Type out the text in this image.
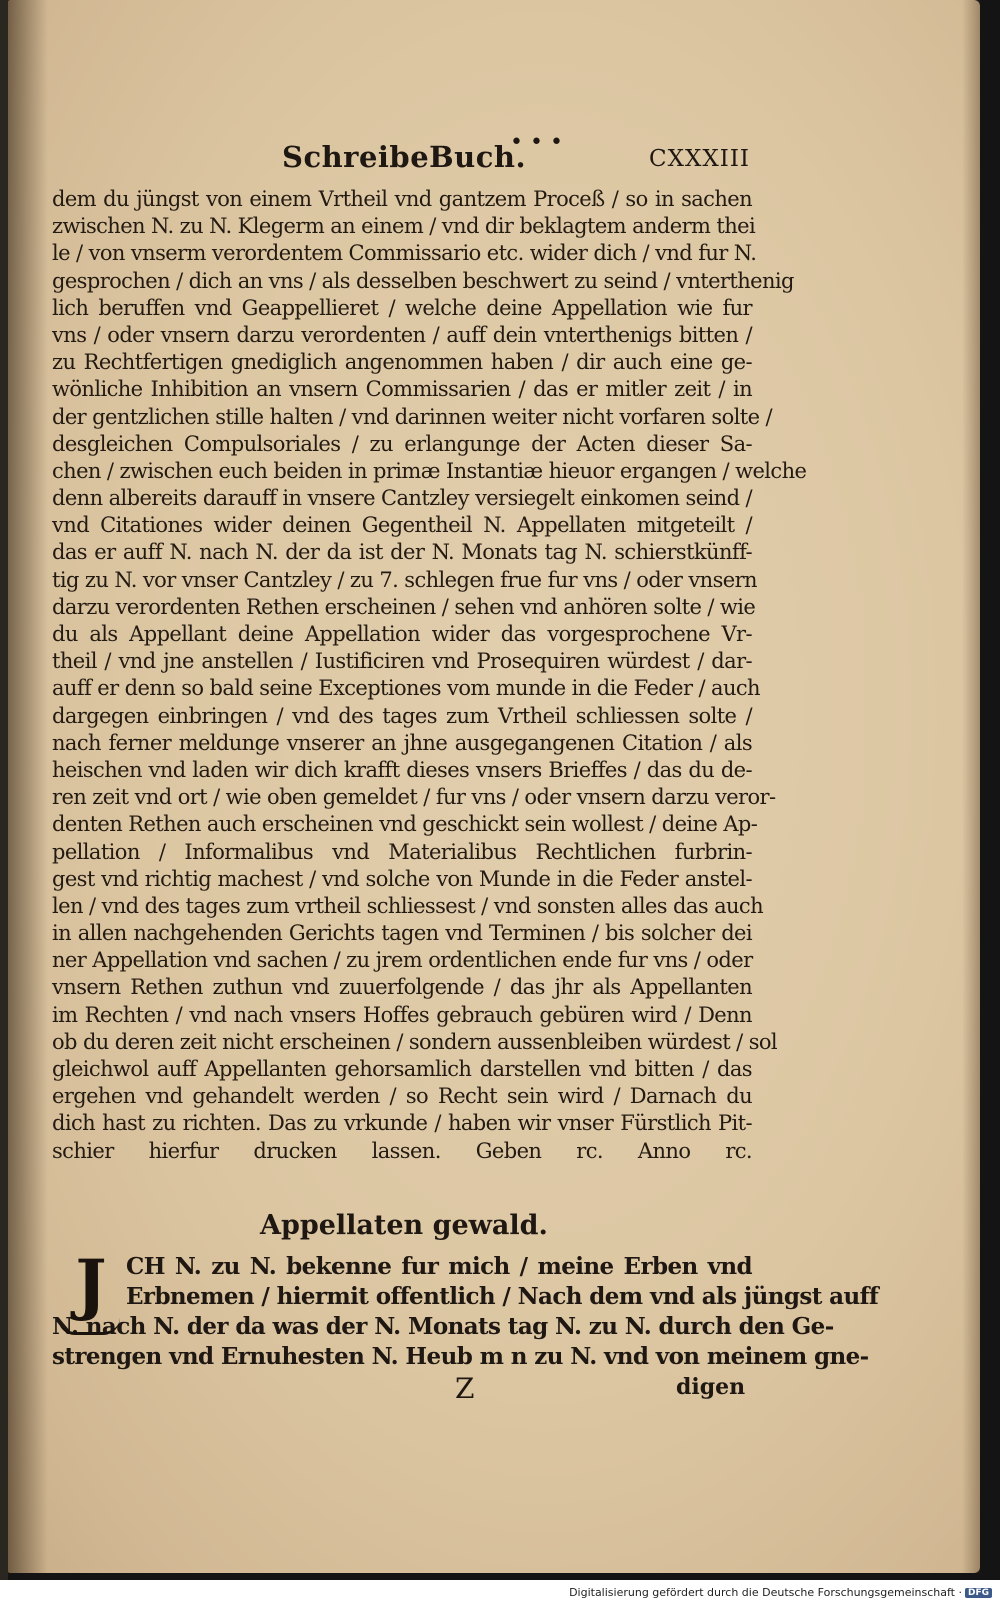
SchreibeBuch.
• • •
CXXXIII
dem du jüngst von einem Vrtheil vnd gantzem Proceß / so in sachen
zwischen N. zu N. Klegerm an einem / vnd dir beklagtem anderm thei
le / von vnserm verordentem Commissario etc. wider dich / vnd fur N.
gesprochen / dich an vns / als desselben beschwert zu seind / vnterthenig
lich beruffen vnd Geappellieret / welche deine Appellation wie fur
vns / oder vnsern darzu verordenten / auff dein vnterthenigs bitten /
zu Rechtfertigen gnediglich angenommen haben / dir auch eine ge-
wönliche Inhibition an vnsern Commissarien / das er mitler zeit / in
der gentzlichen stille halten / vnd darinnen weiter nicht vorfaren solte /
desgleichen Compulsoriales / zu erlangunge der Acten dieser Sa-
chen / zwischen euch beiden in primæ Instantiæ hieuor ergangen / welche
denn albereits darauff in vnsere Cantzley versiegelt einkomen seind /
vnd Citationes wider deinen Gegentheil N. Appellaten mitgeteilt /
das er auff N. nach N. der da ist der N. Monats tag N. schierstkünff-
tig zu N. vor vnser Cantzley / zu 7. schlegen frue fur vns / oder vnsern
darzu verordenten Rethen erscheinen / sehen vnd anhören solte / wie
du als Appellant deine Appellation wider das vorgesprochene Vr-
theil / vnd jne anstellen / Iustificiren vnd Prosequiren würdest / dar-
auff er denn so bald seine Exceptiones vom munde in die Feder / auch
dargegen einbringen / vnd des tages zum Vrtheil schliessen solte /
nach ferner meldunge vnserer an jhne ausgegangenen Citation / als
heischen vnd laden wir dich krafft dieses vnsers Brieffes / das du de-
ren zeit vnd ort / wie oben gemeldet / fur vns / oder vnsern darzu veror-
denten Rethen auch erscheinen vnd geschickt sein wollest / deine Ap-
pellation / Informalibus vnd Materialibus Rechtlichen furbrin-
gest vnd richtig machest / vnd solche von Munde in die Feder anstel-
len / vnd des tages zum vrtheil schliessest / vnd sonsten alles das auch
in allen nachgehenden Gerichts tagen vnd Terminen / bis solcher dei
ner Appellation vnd sachen / zu jrem ordentlichen ende fur vns / oder
vnsern Rethen zuthun vnd zuuerfolgende / das jhr als Appellanten
im Rechten / vnd nach vnsers Hoffes gebrauch gebüren wird / Denn
ob du deren zeit nicht erscheinen / sondern aussenbleiben würdest / sol
gleichwol auff Appellanten gehorsamlich darstellen vnd bitten / das
ergehen vnd gehandelt werden / so Recht sein wird / Darnach du
dich hast zu richten. Das zu vrkunde / haben wir vnser Fürstlich Pit-
schier hierfur drucken lassen. Geben rc. Anno rc.
Appellaten gewald.
CH N. zu N. bekenne fur mich / meine Erben vnd
Erbnemen / hiermit offentlich / Nach dem vnd als jüngst auff
N. nach N. der da was der N. Monats tag N. zu N. durch den Ge-
strengen vnd Ernuhesten N. Heub m n zu N. vnd von meinem gne-
J
Z	digen
Digitalisierung gefördert durch die Deutsche Forschungsgemeinschaft · DFG
